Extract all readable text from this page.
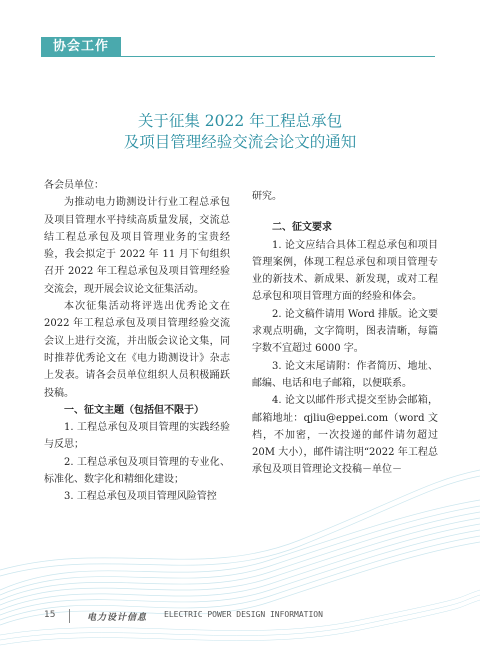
协会工作
关于征集 2022 年工程总承包
及项目管理经验交流会论文的通知

各会员单位：

为推动电力勘测设计行业工程总承包及项目管理水平持续高质量发展，交流总结工程总承包及项目管理业务的宝贵经验，我会拟定于 2022 年 11 月下旬组织召开 2022 年工程总承包及项目管理经验交流会，现开展会议论文征集活动。

本次征集活动将评选出优秀论文在 2022 年工程总承包及项目管理经验交流会议上进行交流，并出版会议论文集，同时推荐优秀论文在《电力勘测设计》杂志上发表。请各会员单位组织人员积极踊跃投稿。

一、征文主题（包括但不限于）

1. 工程总承包及项目管理的实践经验与反思；

2. 工程总承包及项目管理的专业化、标准化、数字化和精细化建设；

3. 工程总承包及项目管理风险管控

研究。

二、征文要求

1. 论文应结合具体工程总承包和项目管理案例，体现工程总承包和项目管理专业的新技术、新成果、新发现，或对工程总承包和项目管理方面的经验和体会。

2. 论文稿件请用 Word 排版。论文要求观点明确，文字简明，图表清晰，每篇字数不宜超过 6000 字。

3. 论文末尾请附：作者简历、地址、邮编、电话和电子邮箱，以便联系。

4. 论文以邮件形式提交至协会邮箱，邮箱地址：qjliu@eppei.com（word 文档，不加密，一次投递的邮件请勿超过 20M 大小），邮件请注明“2022 年工程总承包及项目管理论文投稿－单位－

15	电力设计信息 ELECTRIC POWER DESIGN INFORMATION
